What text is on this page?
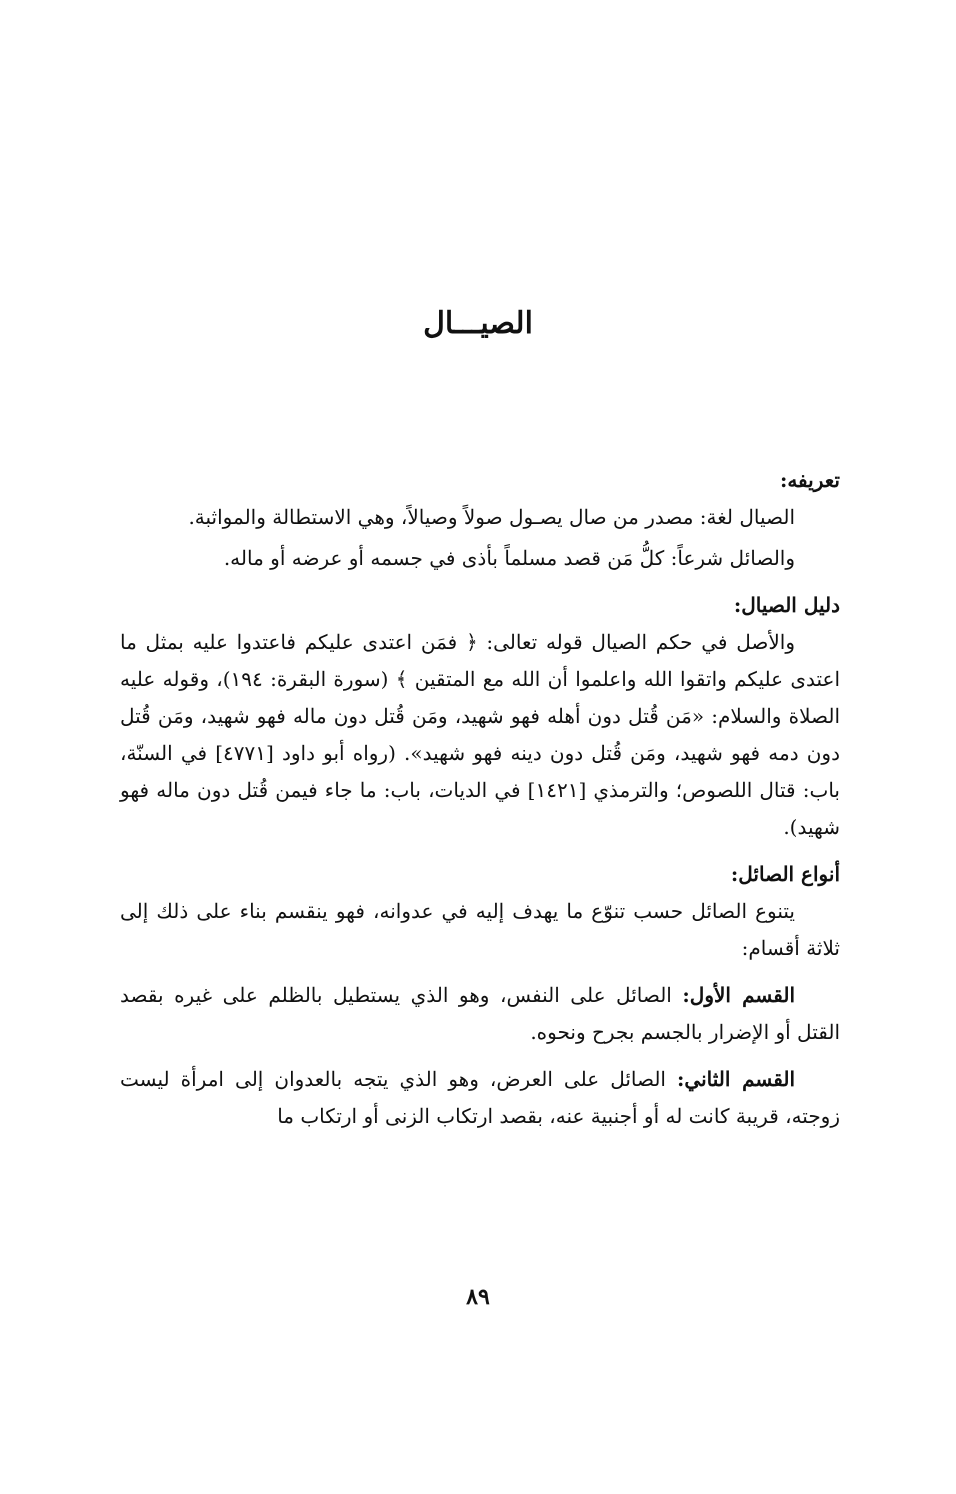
الصيـــال

تعريفه:

الصيال لغة: مصدر من صال يصـول صولاً وصيالاً، وهي الاستطالة والمواثبة.

والصائل شرعاً: كلُّ مَن قصد مسلماً بأذى في جسمه أو عرضه أو ماله.

دليل الصيال:

والأصل في حكم الصيال قوله تعالى: ﴿ فمَن اعتدى عليكم فاعتدوا عليه بمثل ما اعتدى عليكم واتقوا الله واعلموا أن الله مع المتقين ﴾ (سورة البقرة: ١٩٤)، وقوله عليه الصلاة والسلام: «مَن قُتل دون أهله فهو شهيد، ومَن قُتل دون ماله فهو شهيد، ومَن قُتل دون دمه فهو شهيد، ومَن قُتل دون دينه فهو شهيد». (رواه أبو داود [٤٧٧١] في السنّة، باب: قتال اللصوص؛ والترمذي [١٤٢١] في الديات، باب: ما جاء فيمن قُتل دون ماله فهو شهيد).

أنواع الصائل:

يتنوع الصائل حسب تنوّع ما يهدف إليه في عدوانه، فهو ينقسم بناء على ذلك إلى ثلاثة أقسام:

القسم الأول: الصائل على النفس، وهو الذي يستطيل بالظلم على غيره بقصد القتل أو الإضرار بالجسم بجرح ونحوه.

القسم الثاني: الصائل على العرض، وهو الذي يتجه بالعدوان إلى امرأة ليست زوجته، قريبة كانت له أو أجنبية عنه، بقصد ارتكاب الزنى أو ارتكاب ما

٨٩
